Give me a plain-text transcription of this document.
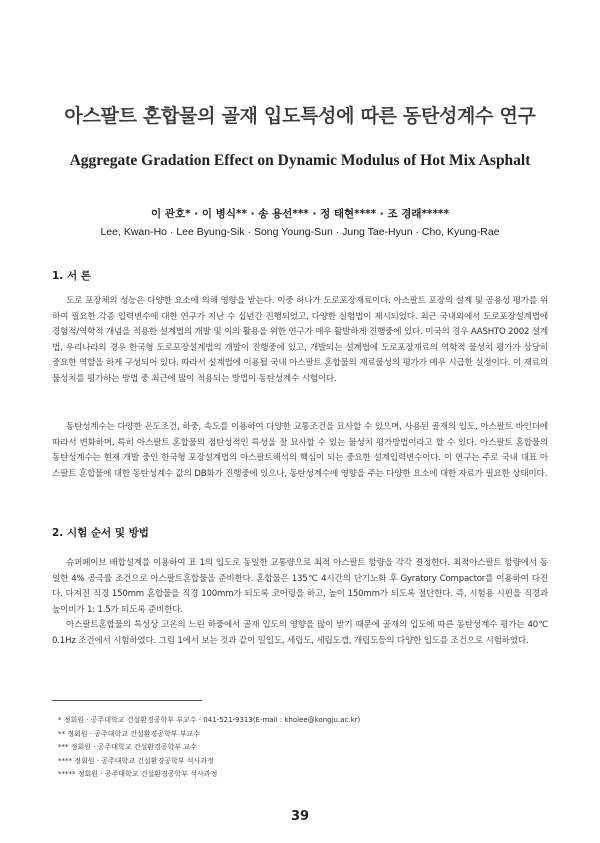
아스팔트 혼합물의 골재 입도특성에 따른 동탄성계수 연구
Aggregate Gradation Effect on Dynamic Modulus of Hot Mix Asphalt
이 관호* · 이 병식** · 송 용선*** · 정 태현**** · 조 경래*****
Lee, Kwan-Ho · Lee Byung-Sik · Song Young-Sun · Jung Tae-Hyun · Cho, Kyung-Rae
1. 서 론

도로 포장체의 성능은 다양한 요소에 의해 영향을 받는다. 이중 하나가 도로포장재료이다. 아스팔트 포장의 설계 및 공용성 평가를 위하여 필요한 각종 입력변수에 대한 연구가 지난 수 십년간 진행되었고, 다양한 실험법이 제시되었다. 최근 국내외에서 도로포장설계법에 경험적/역학적 개념을 적용한 설계법의 개발 및 이의 활용을 위한 연구가 매우 활발하게 진행중에 있다. 미국의 경우 AASHTO 2002 설계법, 우리나라의 경우 한국형 도로포장설계법의 개발이 진행중에 있고, 개발되는 설계법에 도로포장재료의 역학적 물성치 평가가 상당히 중요한 역할을 하게 구성되어 있다. 따라서 설계법에 이용될 국내 아스팔트 혼합물의 재료물성의 평가가 매우 시급한 실정이다. 이 재료의 물성치를 평가하는 방법 중 최근에 많이 적용되는 방법이 동탄성계수 시험이다.

동탄성계수는 다양한 온도조건, 하중, 속도를 이용하여 다양한 교통조건을 묘사할 수 있으며, 사용된 골재의 입도, 아스팔트 바인더에 따라서 변화하며, 특히 아스팔트 혼합물의 점탄성적인 특성을 잘 묘사할 수 있는 물성치 평가방법이라고 할 수 있다. 아스팔트 혼합물의 동탄성계수는 현재 개발 중인 한국형 포장설계법의 아스팔트해석의 핵심이 되는 중요한 설계입력변수이다. 이 연구는 주로 국내 대표 아스팔트 혼합물에 대한 동탄성계수 값의 DB화가 진행중에 있으나, 동탄성계수에 영향을 주는 다양한 요소에 대한 자료가 필요한 상태이다.

2. 시험 순서 및 방법

슈퍼페이브 배합설계를 이용하여 표 1의 입도로 동일한 교통량으로 최적 아스팔트 함량을 각각 결정한다. 최적아스팔트 함량에서 동일한 4% 공극률 조건으로 아스팔트혼합물을 준비한다. 혼합물은 135℃ 4시간의 단기노화 후 Gyratory Compactor를 이용하여 다진다. 다져진 직경 150mm 혼합물을 직경 100mm가 되도록 코어링을 하고, 높이 150mm가 되도록 절단한다. 즉, 시험용 시편을 직경과 높이비가 1: 1.5가 되도록 준비한다.

아스팔트혼합물의 특성상 고온의 느린 하중에서 골재 입도의 영향을 많이 받기 때문에 골재의 입도에 따른 동탄성계수 평가는 40℃ 0.1Hz 조건에서 시험하였다. 그림 1에서 보는 것과 같이 밀입도, 세립도, 세립도갭, 개립도등의 다양한 입도를 조건으로 시험하였다.

* 정회원 · 공주대학교 건설환경공학부 부교수 · 041-521-9313(E-mail : kholee@kongju.ac.kr)
** 정회원 · 공주대학교 건설환경공학부 부교수
*** 정회원 · 공주대학교 건설환경공학부 교수
**** 정회원 · 공주대학교 건설환경공학부 석사과정
***** 정회원 · 공주대학교 건설환경공학부 석사과정
39
